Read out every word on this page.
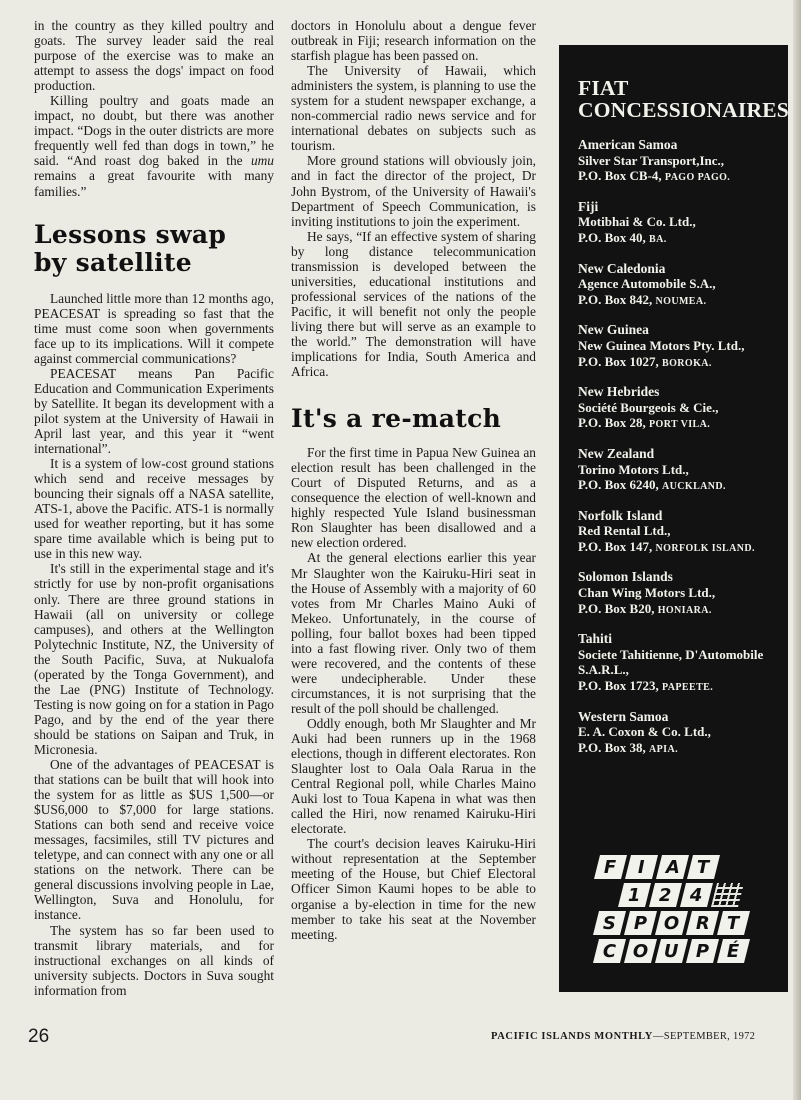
in the country as they killed poultry and goats. The survey leader said the real purpose of the exercise was to make an attempt to assess the dogs' impact on food production.

Killing poultry and goats made an impact, no doubt, but there was another impact. “Dogs in the outer districts are more frequently well fed than dogs in town,” he said. “And roast dog baked in the umu remains a great favourite with many families.”

Lessons swap
by satellite

Launched little more than 12 months ago, PEACESAT is spreading so fast that the time must come soon when governments face up to its implications. Will it compete against commercial communications?

PEACESAT means Pan Pacific Education and Communication Experiments by Satellite. It began its development with a pilot system at the University of Hawaii in April last year, and this year it “went international”.

It is a system of low-cost ground stations which send and receive messages by bouncing their signals off a NASA satellite, ATS-1, above the Pacific. ATS-1 is normally used for weather reporting, but it has some spare time available which is being put to use in this new way.

It's still in the experimental stage and it's strictly for use by non-profit organisations only. There are three ground stations in Hawaii (all on university or college campuses), and others at the Wellington Polytechnic Institute, NZ, the University of the South Pacific, Suva, at Nukualofa (operated by the Tonga Government), and the Lae (PNG) Institute of Technology. Testing is now going on for a station in Pago Pago, and by the end of the year there should be stations on Saipan and Truk, in Micronesia.

One of the advantages of PEACESAT is that stations can be built that will hook into the system for as little as $US 1,500—or $US6,000 to $7,000 for large stations. Stations can both send and receive voice messages, facsimiles, still TV pictures and teletype, and can connect with any one or all stations on the network. There can be general discussions involving people in Lae, Wellington, Suva and Honolulu, for instance.

The system has so far been used to transmit library materials, and for instructional exchanges on all kinds of university subjects. Doctors in Suva sought information from

doctors in Honolulu about a dengue fever outbreak in Fiji; research information on the starfish plague has been passed on.

The University of Hawaii, which administers the system, is planning to use the system for a student newspaper exchange, a non-commercial radio news service and for international debates on subjects such as tourism.

More ground stations will obviously join, and in fact the director of the project, Dr John Bystrom, of the University of Hawaii's Department of Speech Communication, is inviting institutions to join the experiment.

He says, “If an effective system of sharing by long distance telecommunication transmission is developed between the universities, educational institutions and professional services of the nations of the Pacific, it will benefit not only the people living there but will serve as an example to the world.” The demonstration will have implications for India, South America and Africa.

It's a re-match

For the first time in Papua New Guinea an election result has been challenged in the Court of Disputed Returns, and as a consequence the election of well-known and highly respected Yule Island businessman Ron Slaughter has been disallowed and a new election ordered.

At the general elections earlier this year Mr Slaughter won the Kairuku-Hiri seat in the House of Assembly with a majority of 60 votes from Mr Charles Maino Auki of Mekeo. Unfortunately, in the course of polling, four ballot boxes had been tipped into a fast flowing river. Only two of them were recovered, and the contents of these were undecipherable. Under these circumstances, it is not surprising that the result of the poll should be challenged.

Oddly enough, both Mr Slaughter and Mr Auki had been runners up in the 1968 elections, though in different electorates. Ron Slaughter lost to Oala Oala Rarua in the Central Regional poll, while Charles Maino Auki lost to Toua Kapena in what was then called the Hiri, now renamed Kairuku-Hiri electorate.

The court's decision leaves Kairuku-Hiri without representation at the September meeting of the House, but Chief Electoral Officer Simon Kaumi hopes to be able to organise a by-election in time for the new member to take his seat at the November meeting.

FIAT
CONCESSIONAIRES
American Samoa
Silver Star Transport,Inc.,
P.O. Box CB-4, PAGO PAGO.
Fiji
Motibhai & Co. Ltd.,
P.O. Box 40, BA.
New Caledonia
Agence Automobile S.A.,
P.O. Box 842, NOUMEA.
New Guinea
New Guinea Motors Pty. Ltd.,
P.O. Box 1027, BOROKA.
New Hebrides
Société Bourgeois & Cie.,
P.O. Box 28, PORT VILA.
New Zealand
Torino Motors Ltd.,
P.O. Box 6240, AUCKLAND.
Norfolk Island
Red Rental Ltd.,
P.O. Box 147, NORFOLK ISLAND.
Solomon Islands
Chan Wing Motors Ltd.,
P.O. Box B20, HONIARA.
Tahiti
Societe Tahitienne, D'Automobile S.A.R.L.,
P.O. Box 1723, PAPEETE.
Western Samoa
E. A. Coxon & Co. Ltd.,
P.O. Box 38, APIA.
F I A T
1 2 4
S P O R T
C O U P É
26	PACIFIC ISLANDS MONTHLY—SEPTEMBER, 1972
